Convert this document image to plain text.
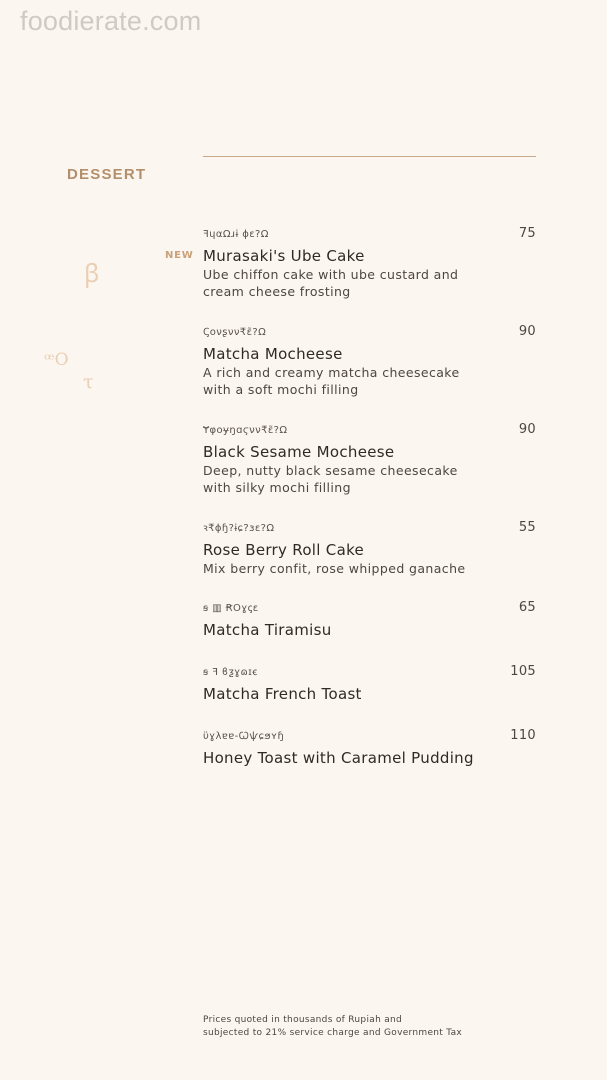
foodierate.com
DESSERT
ꞵ
ꟹO
τ
NEW
ꟻɥαΩɹɨ ɸɛ?Ω
Murasaki's Ube Cake
Ube chiffon cake with ube custard and cream cheese frosting
75
Ꞔονʂνν₹ɛ̃?Ω
Matcha Mocheese
A rich and creamy matcha cheesecake with a soft mochi filling
90
Ɏφоɏŋɑϛνν₹ɛ̃?Ω
Black Sesame Mocheese
Deep, nutty black sesame cheesecake with silky mochi filling
90
ꝛ₹ɸɧ?ɨɕ?ɜɛ?Ω
Rose Berry Roll Cake
Mix berry confit, rose whipped ganache
55
ꞩ ▥ ꞦΟɣꞔɛ
Matcha Tiramisu
65
ꞩ ꟻ ϐƺɣɷɪꞓ
Matcha French Toast
105
ϋɣλɐɐ-Ꞷѱɕϧʏɧ
Honey Toast with Caramel Pudding
110
Prices quoted in thousands of Rupiah and
subjected to 21% service charge and Government Tax
